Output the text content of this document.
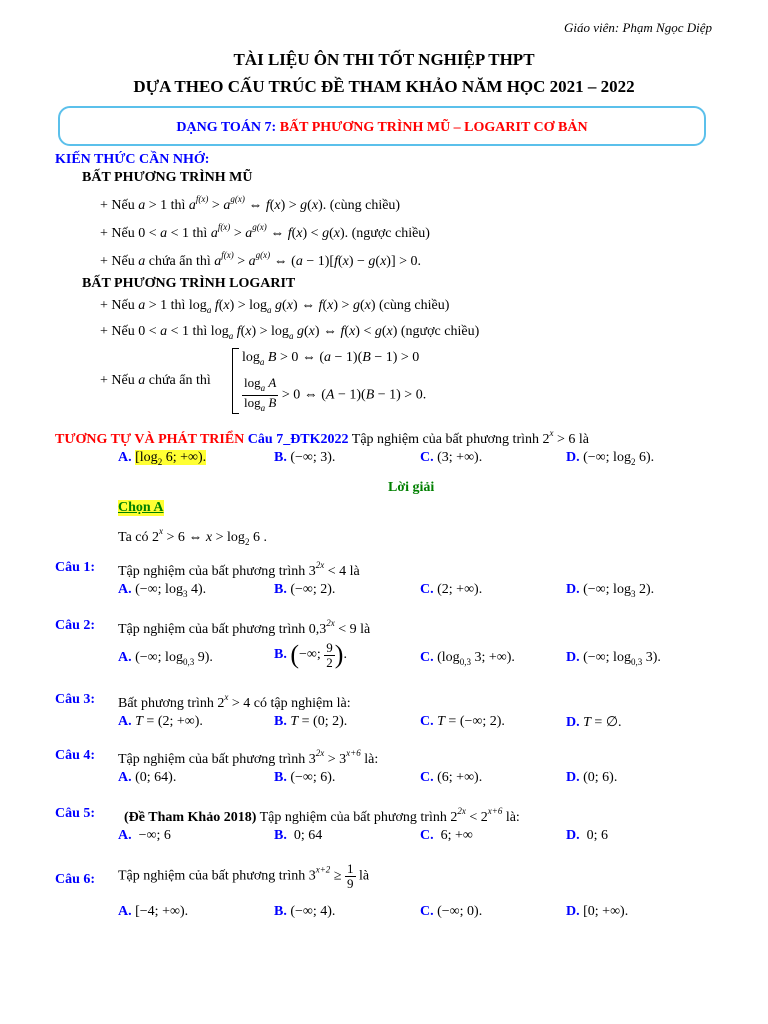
Giáo viên: Phạm Ngọc Diệp
TÀI LIỆU ÔN THI TỐT NGHIỆP THPT
DỰA THEO CẤU TRÚC ĐỀ THAM KHẢO NĂM HỌC 2021 – 2022
DẠNG TOÁN 7: BẤT PHƯƠNG TRÌNH MŨ – LOGARIT CƠ BẢN
KIẾN THỨC CẦN NHỚ:
BẤT PHƯƠNG TRÌNH MŨ
+ Nếu a > 1 thì $a^{f(x)} > a^{g(x)}$ ⇔ f(x) > g(x). (cùng chiều)
+ Nếu 0 < a < 1 thì $a^{f(x)} > a^{g(x)}$ ⇔ f(x) < g(x). (ngược chiều)
+ Nếu a chứa ẩn thì $a^{f(x)} > a^{g(x)}$ ⇔ (a − 1)[f(x) − g(x)] > 0.
BẤT PHƯƠNG TRÌNH LOGARIT
+ Nếu a > 1 thì $\log_a f(x) > \log_a g(x)$ ⇔ f(x) > g(x) (cùng chiều)
+ Nếu 0 < a < 1 thì $\log_a f(x) > \log_a g(x)$ ⇔ f(x) < g(x) (ngược chiều)
+ Nếu a chứa ẩn thì
$\log_a B > 0$ ⇔ (a − 1)(B − 1) > 0
$\frac{\log_a A}{\log_a B} > 0$ ⇔ (A − 1)(B − 1) > 0.
TƯƠNG TỰ VÀ PHÁT TRIỂN Câu 7_ĐTK2022 Tập nghiệm của bất phương trình $2^x > 6$ là
A. [$\log_2$ 6; +∞).	B. (−∞; 3).	C. (3; +∞).	D. (−∞; $\log_2 6$).
Lời giải
Chọn A
Ta có $2^x > 6$ ⇔ $x > \log_2 6$ .
Câu 1: Tập nghiệm của bất phương trình $3^{2x} < 4$ là
A. (−∞; $\log_3 4$).	B. (−∞; 2).	C. (2; +∞).	D. (−∞; $\log_3 2$).
Câu 2: Tập nghiệm của bất phương trình $0,3^{2x} < 9$ là
A. (−∞; $\log_{0,3} 9$).	B. (−∞; $\frac{9}{2}$ ).	C. ($\log_{0,3}$ 3; +∞).	D. (−∞; $\log_{0,3} 3$).
Câu 3: Bất phương trình $2^x > 4$ có tập nghiệm là:
A. T = (2; +∞).	B. T = (0; 2).	C. T = (−∞; 2).	D. T = ∅.
Câu 4: Tập nghiệm của bất phương trình $3^{2x} > 3^{x+6}$ là:
A. (0; 64).	B. (−∞; 6).	C. (6; +∞).	D. (0; 6).
Câu 5: (Đề Tham Khảo 2018) Tập nghiệm của bất phương trình $2^{2x} < 2^{x+6}$ là:
A.  −∞; 6	B.  0; 64	C.  6; +∞	D.  0; 6
Câu 6: Tập nghiệm của bất phương trình $3^{x+2} \ge \frac{1}{9}$ là
A. [−4; +∞).	B. (−∞; 4).	C. (−∞; 0).	D. [0; +∞).
